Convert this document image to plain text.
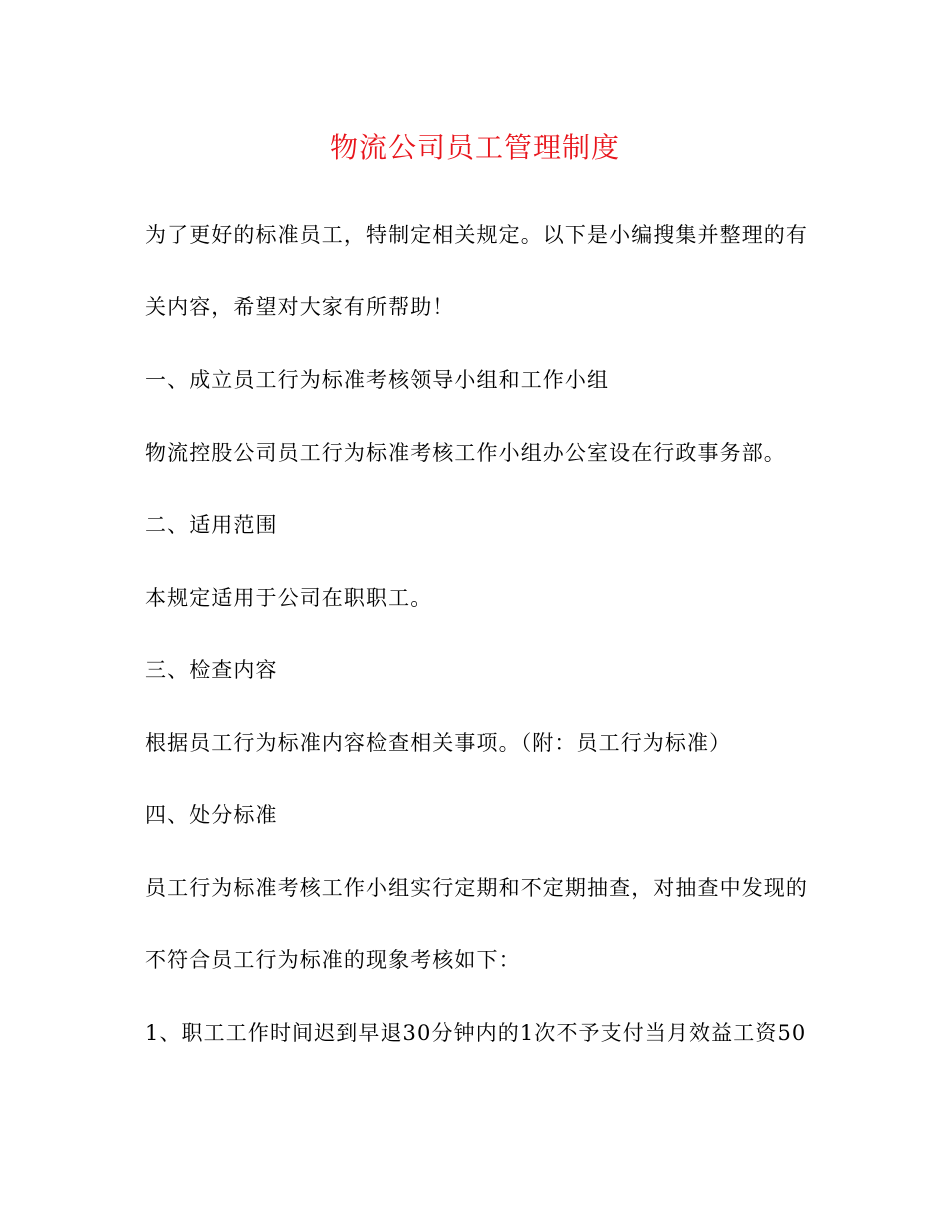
物流公司员工管理制度
为了更好的标准员工，特制定相关规定。以下是小编搜集并整理的有
关内容，希望对大家有所帮助！
一、成立员工行为标准考核领导小组和工作小组
物流控股公司员工行为标准考核工作小组办公室设在行政事务部。
二、适用范围
本规定适用于公司在职职工。
三、检查内容
根据员工行为标准内容检查相关事项。（附：员工行为标准）
四、处分标准
员工行为标准考核工作小组实行定期和不定期抽查，对抽查中发现的
不符合员工行为标准的现象考核如下：
1、职工工作时间迟到早退30分钟内的1次不予支付当月效益工资50
